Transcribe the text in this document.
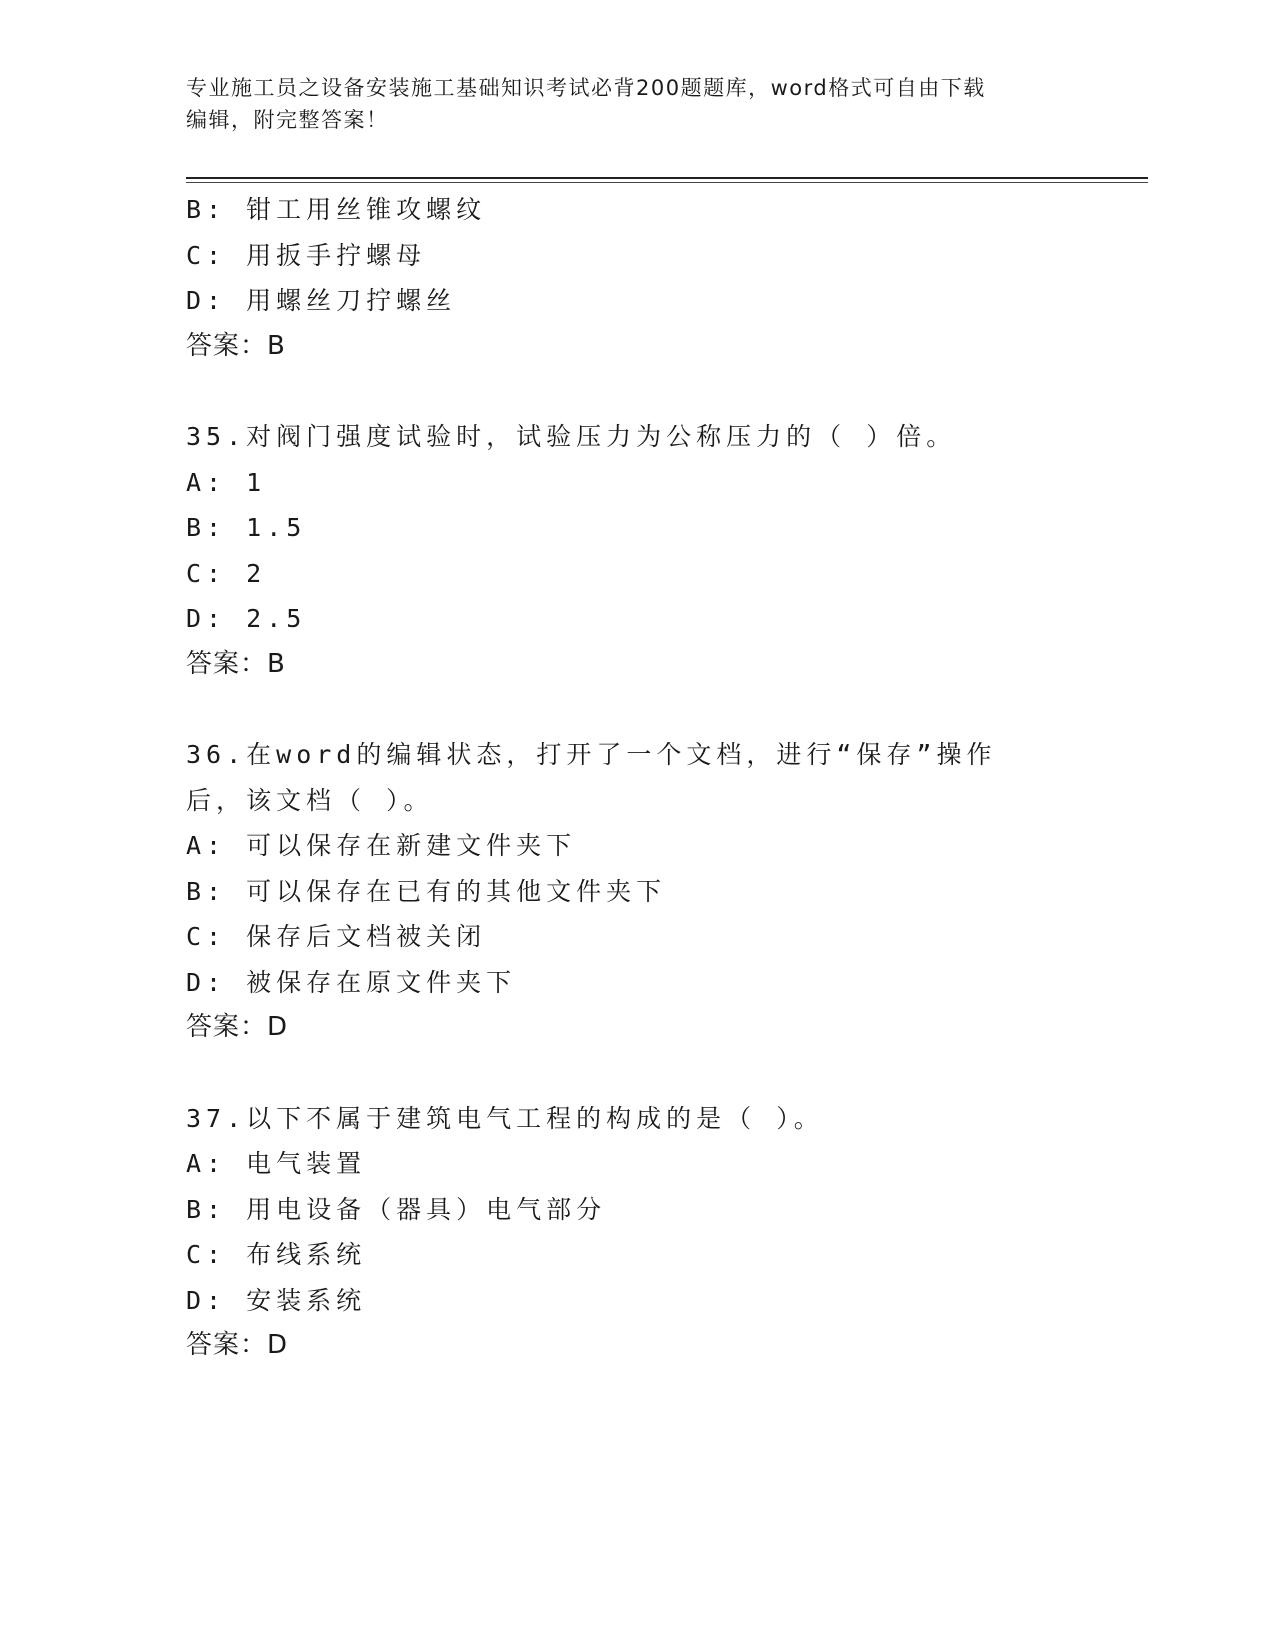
专业施工员之设备安装施工基础知识考试必背200题题库，word格式可自由下载
编辑，附完整答案！
B: 钳工用丝锥攻螺纹
C: 用扳手拧螺母
D: 用螺丝刀拧螺丝
答案：B
35.对阀门强度试验时，试验压力为公称压力的（ ）倍。
A: 1
B: 1.5
C: 2
D: 2.5
答案：B
36.在word的编辑状态，打开了一个文档，进行“保存”操作后，该文档（ ）。
A: 可以保存在新建文件夹下
B: 可以保存在已有的其他文件夹下
C: 保存后文档被关闭
D: 被保存在原文件夹下
答案：D
37.以下不属于建筑电气工程的构成的是（ ）。
A: 电气装置
B: 用电设备（器具）电气部分
C: 布线系统
D: 安装系统
答案：D
